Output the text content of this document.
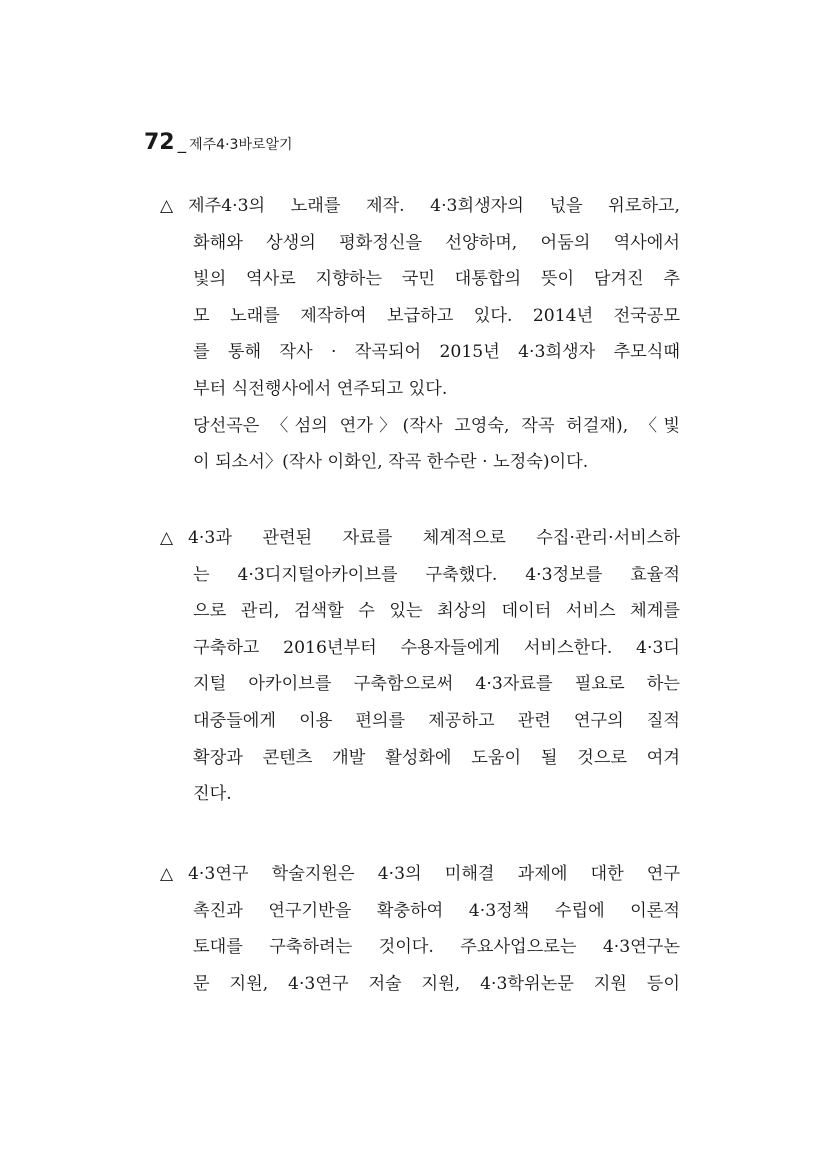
72 _ 제주4·3바로알기
△ 제주4·3의 노래를 제작. 4·3희생자의 넋을 위로하고,
화해와 상생의 평화정신을 선양하며, 어둠의 역사에서
빛의 역사로 지향하는 국민 대통합의 뜻이 담겨진 추
모 노래를 제작하여 보급하고 있다. 2014년 전국공모
를 통해 작사 · 작곡되어 2015년 4·3희생자 추모식때
부터 식전행사에서 연주되고 있다.
당선곡은 〈섬의 연가〉(작사 고영숙, 작곡 허걸재), 〈빛
이 되소서〉(작사 이화인, 작곡 한수란 · 노정숙)이다.
△ 4·3과 관련된 자료를 체계적으로 수집·관리·서비스하
는 4·3디지털아카이브를 구축했다. 4·3정보를 효율적
으로 관리, 검색할 수 있는 최상의 데이터 서비스 체계를
구축하고 2016년부터 수용자들에게 서비스한다. 4·3디
지털 아카이브를 구축함으로써 4·3자료를 필요로 하는
대중들에게 이용 편의를 제공하고 관련 연구의 질적
확장과 콘텐츠 개발 활성화에 도움이 될 것으로 여겨
진다.
△ 4·3연구 학술지원은 4·3의 미해결 과제에 대한 연구
촉진과 연구기반을 확충하여 4·3정책 수립에 이론적
토대를 구축하려는 것이다. 주요사업으로는 4·3연구논
문 지원, 4·3연구 저술 지원, 4·3학위논문 지원 등이
